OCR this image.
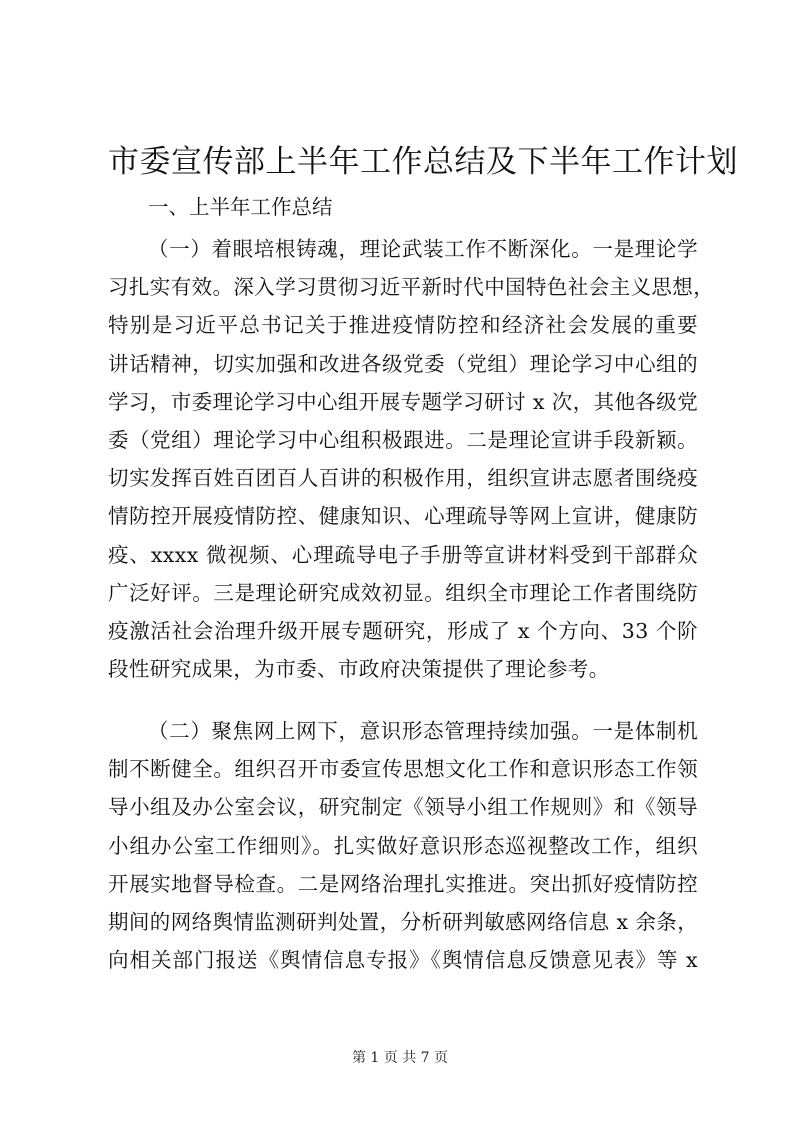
市委宣传部上半年工作总结及下半年工作计划
一、上半年工作总结
（一）着眼培根铸魂，理论武装工作不断深化。一是理论学
习扎实有效。深入学习贯彻习近平新时代中国特色社会主义思想，
特别是习近平总书记关于推进疫情防控和经济社会发展的重要
讲话精神，切实加强和改进各级党委（党组）理论学习中心组的
学习，市委理论学习中心组开展专题学习研讨 x 次，其他各级党
委（党组）理论学习中心组积极跟进。二是理论宣讲手段新颖。
切实发挥百姓百团百人百讲的积极作用，组织宣讲志愿者围绕疫
情防控开展疫情防控、健康知识、心理疏导等网上宣讲，健康防
疫、xxxx 微视频、心理疏导电子手册等宣讲材料受到干部群众
广泛好评。三是理论研究成效初显。组织全市理论工作者围绕防
疫激活社会治理升级开展专题研究，形成了 x 个方向、33 个阶
段性研究成果，为市委、市政府决策提供了理论参考。
（二）聚焦网上网下，意识形态管理持续加强。一是体制机
制不断健全。组织召开市委宣传思想文化工作和意识形态工作领
导小组及办公室会议，研究制定《领导小组工作规则》和《领导
小组办公室工作细则》。扎实做好意识形态巡视整改工作，组织
开展实地督导检查。二是网络治理扎实推进。突出抓好疫情防控
期间的网络舆情监测研判处置，分析研判敏感网络信息 x 余条，
向相关部门报送《舆情信息专报》《舆情信息反馈意见表》等 x
第 1 页 共 7 页
